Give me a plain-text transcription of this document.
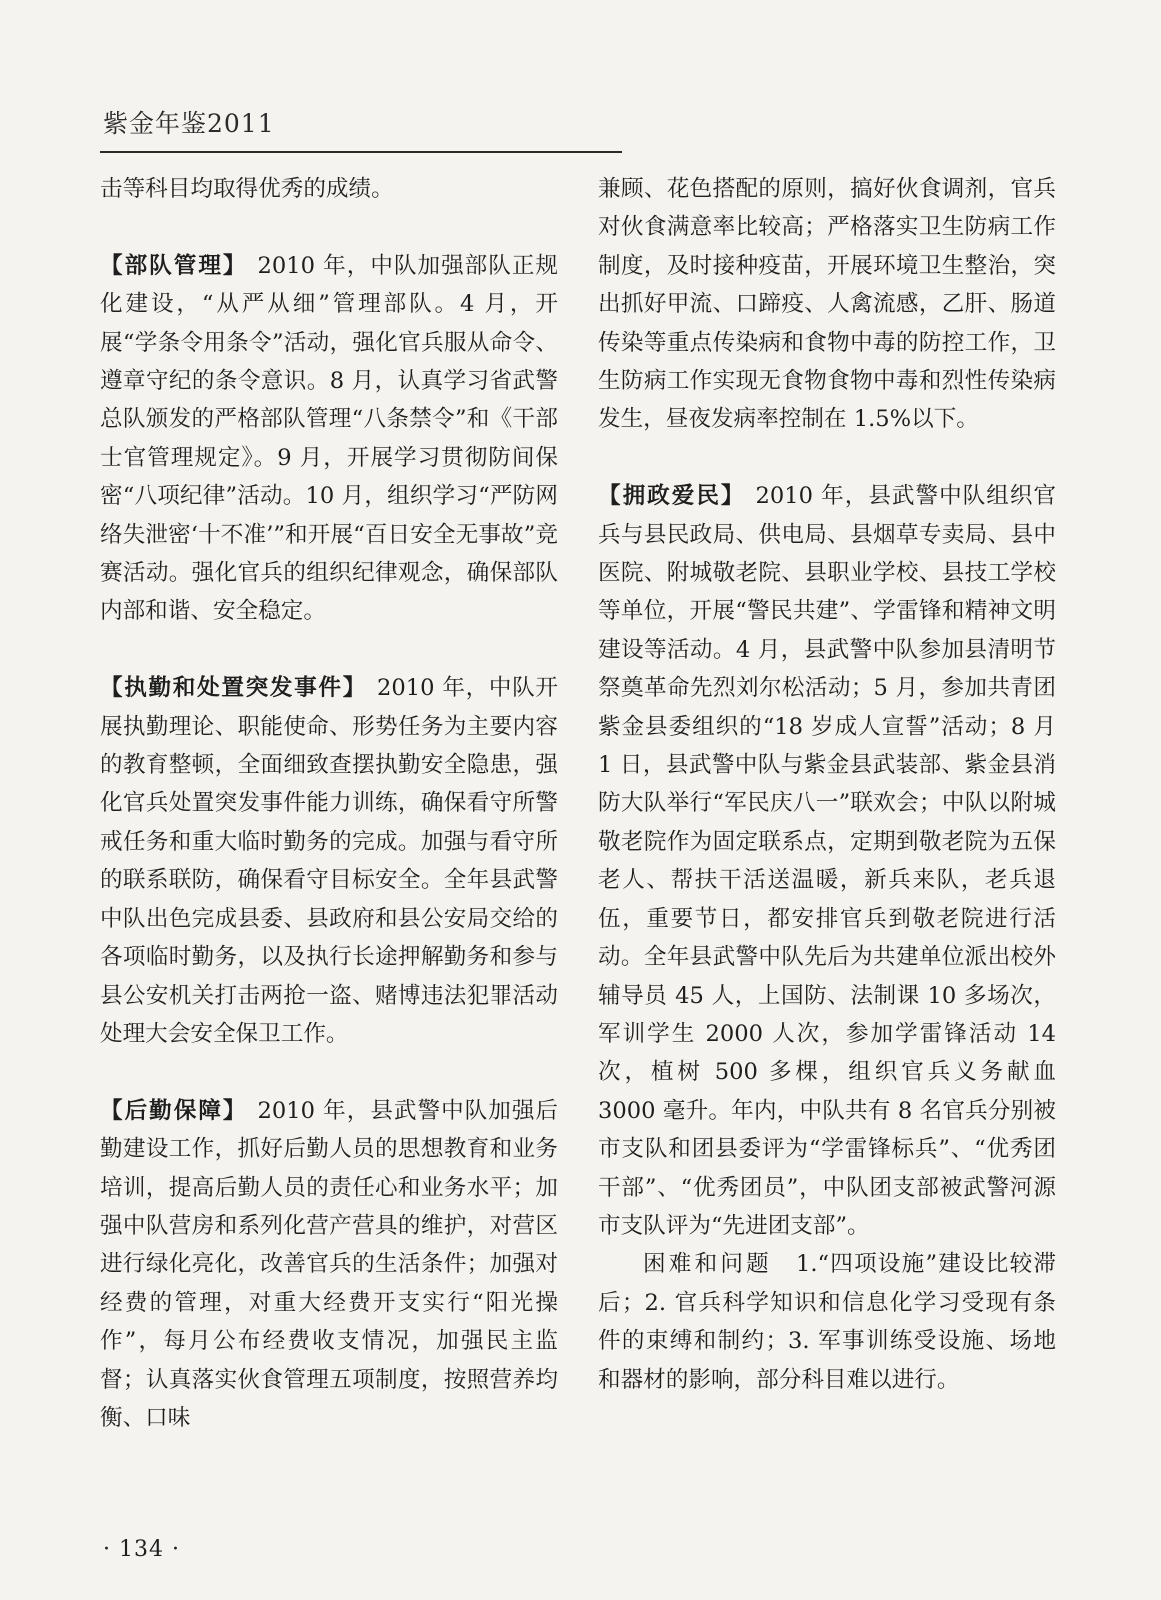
紫金年鉴2011

击等科目均取得优秀的成绩。

【部队管理】 2010 年，中队加强部队正规化建设，“从严从细”管理部队。4 月，开展“学条令用条令”活动，强化官兵服从命令、遵章守纪的条令意识。8 月，认真学习省武警总队颁发的严格部队管理“八条禁令”和《干部士官管理规定》。9 月，开展学习贯彻防间保密“八项纪律”活动。10 月，组织学习“严防网络失泄密‘十不准’”和开展“百日安全无事故”竞赛活动。强化官兵的组织纪律观念，确保部队内部和谐、安全稳定。

【执勤和处置突发事件】 2010 年，中队开展执勤理论、职能使命、形势任务为主要内容的教育整顿，全面细致查摆执勤安全隐患，强化官兵处置突发事件能力训练，确保看守所警戒任务和重大临时勤务的完成。加强与看守所的联系联防，确保看守目标安全。全年县武警中队出色完成县委、县政府和县公安局交给的各项临时勤务，以及执行长途押解勤务和参与县公安机关打击两抢一盗、赌博违法犯罪活动处理大会安全保卫工作。

【后勤保障】 2010 年，县武警中队加强后勤建设工作，抓好后勤人员的思想教育和业务培训，提高后勤人员的责任心和业务水平；加强中队营房和系列化营产营具的维护，对营区进行绿化亮化，改善官兵的生活条件；加强对经费的管理，对重大经费开支实行“阳光操作”，每月公布经费收支情况，加强民主监督；认真落实伙食管理五项制度，按照营养均衡、口味

兼顾、花色搭配的原则，搞好伙食调剂，官兵对伙食满意率比较高；严格落实卫生防病工作制度，及时接种疫苗，开展环境卫生整治，突出抓好甲流、口蹄疫、人禽流感，乙肝、肠道传染等重点传染病和食物中毒的防控工作，卫生防病工作实现无食物食物中毒和烈性传染病发生，昼夜发病率控制在 1.5%以下。

【拥政爱民】 2010 年，县武警中队组织官兵与县民政局、供电局、县烟草专卖局、县中医院、附城敬老院、县职业学校、县技工学校等单位，开展“警民共建”、学雷锋和精神文明建设等活动。4 月，县武警中队参加县清明节祭奠革命先烈刘尔松活动；5 月，参加共青团紫金县委组织的“18 岁成人宣誓”活动；8 月 1 日，县武警中队与紫金县武装部、紫金县消防大队举行“军民庆八一”联欢会；中队以附城敬老院作为固定联系点，定期到敬老院为五保老人、帮扶干活送温暖，新兵来队，老兵退伍，重要节日，都安排官兵到敬老院进行活动。全年县武警中队先后为共建单位派出校外辅导员 45 人，上国防、法制课 10 多场次，军训学生 2000 人次，参加学雷锋活动 14 次，植树 500 多棵，组织官兵义务献血 3000 毫升。年内，中队共有 8 名官兵分别被市支队和团县委评为“学雷锋标兵”、“优秀团干部”、“优秀团员”，中队团支部被武警河源市支队评为“先进团支部”。

困难和问题 1.“四项设施”建设比较滞后；2. 官兵科学知识和信息化学习受现有条件的束缚和制约；3. 军事训练受设施、场地和器材的影响，部分科目难以进行。

· 134 ·
